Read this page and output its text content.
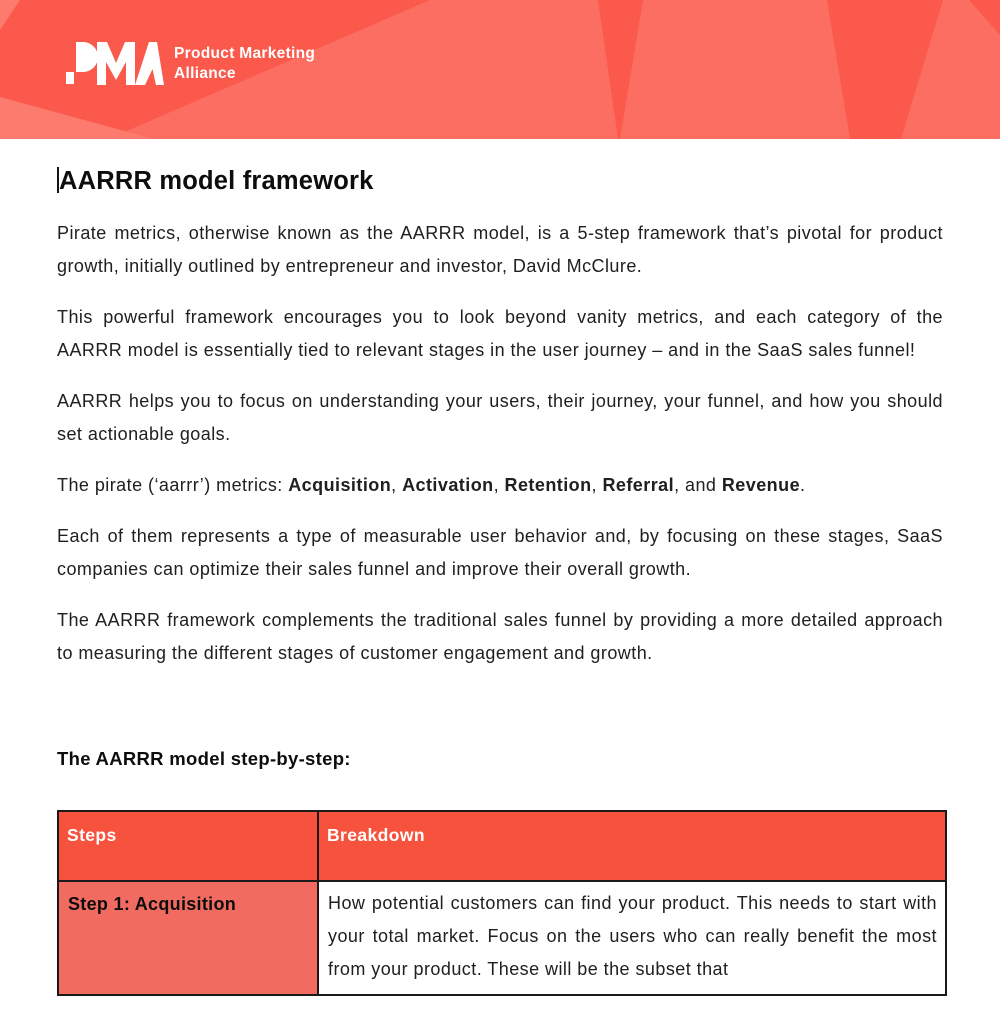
Product Marketing
Alliance
AARRR model framework

Pirate metrics, otherwise known as the AARRR model, is a 5-step framework that’s pivotal for product growth, initially outlined by entrepreneur and investor, David McClure.

This powerful framework encourages you to look beyond vanity metrics, and each category of the AARRR model is essentially tied to relevant stages in the user journey – and in the SaaS sales funnel!

AARRR helps you to focus on understanding your users, their journey, your funnel, and how you should set actionable goals.

The pirate (‘aarrr’) metrics: Acquisition, Activation, Retention, Referral, and Revenue.

Each of them represents a type of measurable user behavior and, by focusing on these stages, SaaS companies can optimize their sales funnel and improve their overall growth.

The AARRR framework complements the traditional sales funnel by providing a more detailed approach to measuring the different stages of customer engagement and growth.

The AARRR model step-by-step:
Steps	Breakdown
Step 1: Acquisition	How potential customers can find your product. This needs to start with your total market. Focus on the users who can really benefit the most from your product. These will be the subset that
